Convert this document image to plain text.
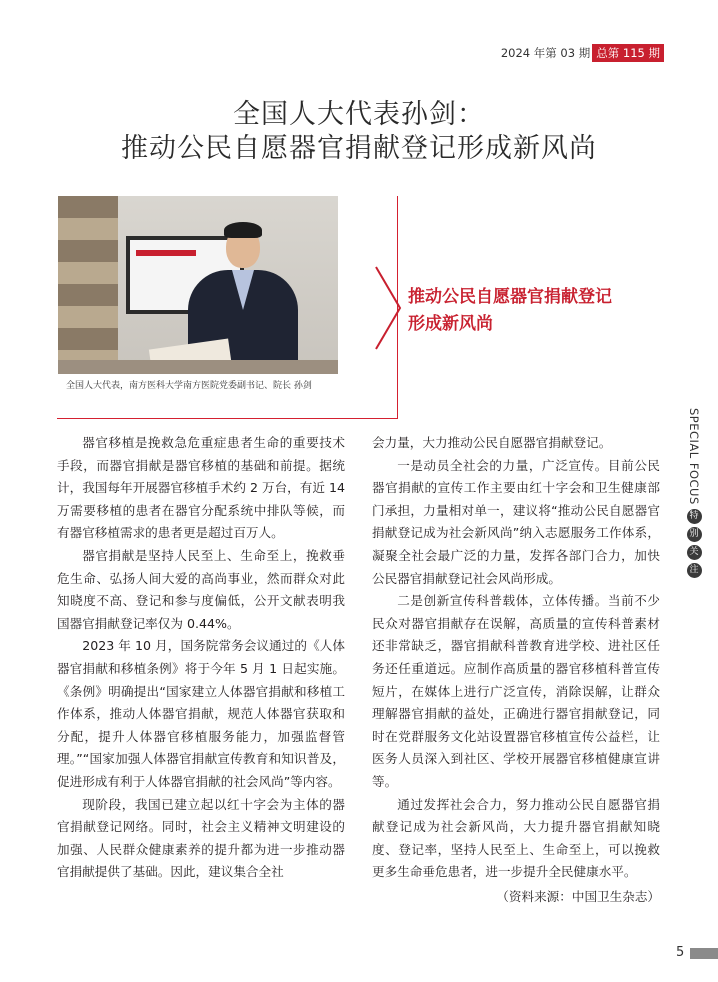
2024 年第 03 期 总第 115 期
全国人大代表孙剑：
推动公民自愿器官捐献登记形成新风尚
全国人大代表，南方医科大学南方医院党委副书记、院长 孙剑

推动公民自愿器官捐献登记
形成新风尚

SPECIAL FOCUS
特
别
关
注

器官移植是挽救急危重症患者生命的重要技术手段，而器官捐献是器官移植的基础和前提。据统计，我国每年开展器官移植手术约 2 万台，有近 14 万需要移植的患者在器官分配系统中排队等候，而有器官移植需求的患者更是超过百万人。

器官捐献是坚持人民至上、生命至上，挽救垂危生命、弘扬人间大爱的高尚事业，然而群众对此知晓度不高、登记和参与度偏低，公开文献表明我国器官捐献登记率仅为 0.44%。

2023 年 10 月，国务院常务会议通过的《人体器官捐献和移植条例》将于今年 5 月 1 日起实施。《条例》明确提出“国家建立人体器官捐献和移植工作体系，推动人体器官捐献，规范人体器官获取和分配，提升人体器官移植服务能力，加强监督管理。”“国家加强人体器官捐献宣传教育和知识普及，促进形成有利于人体器官捐献的社会风尚”等内容。

现阶段，我国已建立起以红十字会为主体的器官捐献登记网络。同时，社会主义精神文明建设的加强、人民群众健康素养的提升都为进一步推动器官捐献提供了基础。因此，建议集合全社

会力量，大力推动公民自愿器官捐献登记。

一是动员全社会的力量，广泛宣传。目前公民器官捐献的宣传工作主要由红十字会和卫生健康部门承担，力量相对单一，建议将“推动公民自愿器官捐献登记成为社会新风尚”纳入志愿服务工作体系，凝聚全社会最广泛的力量，发挥各部门合力，加快公民器官捐献登记社会风尚形成。

二是创新宣传科普载体，立体传播。当前不少民众对器官捐献存在误解，高质量的宣传科普素材还非常缺乏，器官捐献科普教育进学校、进社区任务还任重道远。应制作高质量的器官移植科普宣传短片，在媒体上进行广泛宣传，消除误解，让群众理解器官捐献的益处，正确进行器官捐献登记，同时在党群服务文化站设置器官移植宣传公益栏，让医务人员深入到社区、学校开展器官移植健康宣讲等。

通过发挥社会合力，努力推动公民自愿器官捐献登记成为社会新风尚，大力提升器官捐献知晓度、登记率，坚持人民至上、生命至上，可以挽救更多生命垂危患者，进一步提升全民健康水平。

（资料来源：中国卫生杂志）

5
